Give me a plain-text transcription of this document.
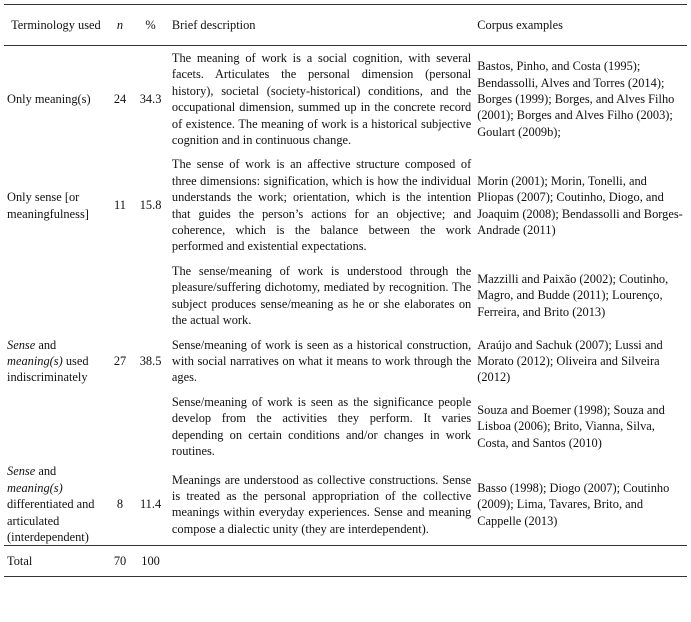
Terminology used	n	%	Brief description	Corpus examples

Only meaning(s)	24	34.3	The meaning of work is a social cognition, with several facets. Articulates the personal dimension (personal history), societal (society-historical) conditions, and the occupational dimension, summed up in the concrete record of existence. The meaning of work is a historical subjective cognition and in continuous change.	Bastos, Pinho, and Costa (1995); Bendassolli, Alves and Torres (2014); Borges (1999); Borges, and Alves Filho (2001); Borges and Alves Filho (2003); Goulart (2009b);

Only sense [or meaningfulness]	11	15.8	The sense of work is an affective structure composed of three dimensions: signification, which is how the individual understands the work; orientation, which is the intention that guides the person’s actions for an objective; and coherence, which is the balance between the work performed and existential expectations.	Morin (2001); Morin, Tonelli, and Pliopas (2007); Coutinho, Diogo, and Joaquim (2008); Bendassolli and Borges-Andrade (2011)

Sense and meaning(s) used indiscriminately	27	38.5	The sense/meaning of work is understood through the pleasure/suffering dichotomy, mediated by recognition. The subject produces sense/meaning as he or she elaborates on the actual work.	Mazzilli and Paixão (2002); Coutinho, Magro, and Budde (2011); Lourenço, Ferreira, and Brito (2013)

			Sense/meaning of work is seen as a historical construction, with social narratives on what it means to work through the ages.	Araújo and Sachuk (2007); Lussi and Morato (2012); Oliveira and Silveira (2012)

			Sense/meaning of work is seen as the significance people develop from the activities they perform. It varies depending on certain conditions and/or changes in work routines.	Souza and Boemer (1998); Souza and Lisboa (2006); Brito, Vianna, Silva, Costa, and Santos (2010)

Sense and meaning(s) differentiated and articulated (interdependent)	8	11.4	Meanings are understood as collective constructions. Sense is treated as the personal appropriation of the collective meanings within everyday experiences. Sense and meaning compose a dialectic unity (they are interdependent).	Basso (1998); Diogo (2007); Coutinho (2009); Lima, Tavares, Brito, and Cappelle (2013)

Total	70	100		
